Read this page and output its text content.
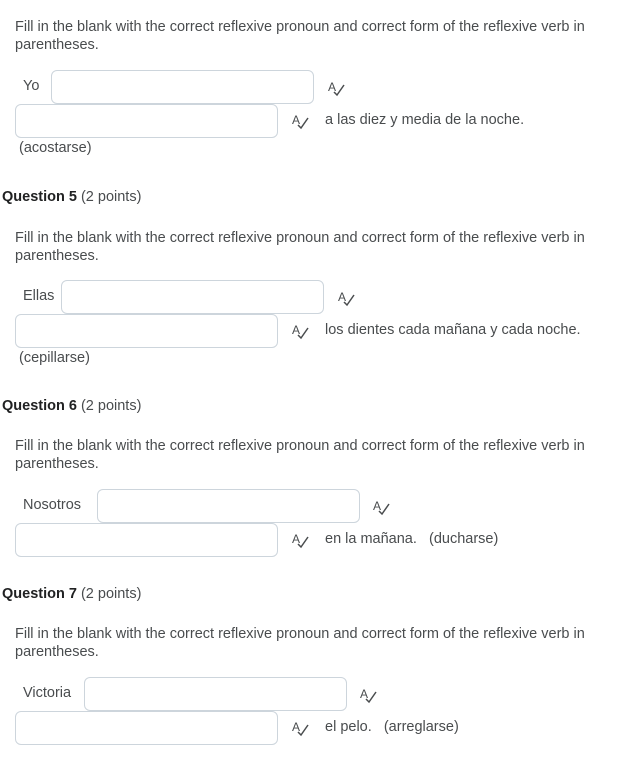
Fill in the blank with the correct reflexive pronoun and correct form of the reflexive verb in parentheses.
Yo	A
A a las diez y media de la noche.
(acostarse)
Question 5 (2 points)
Fill in the blank with the correct reflexive pronoun and correct form of the reflexive verb in parentheses.
Ellas	A
A los dientes cada mañana y cada noche.
(cepillarse)
Question 6 (2 points)
Fill in the blank with the correct reflexive pronoun and correct form of the reflexive verb in parentheses.
Nosotros	A
A en la mañana.   (ducharse)
Question 7 (2 points)
Fill in the blank with the correct reflexive pronoun and correct form of the reflexive verb in parentheses.
Victoria	A
A el pelo.   (arreglarse)
